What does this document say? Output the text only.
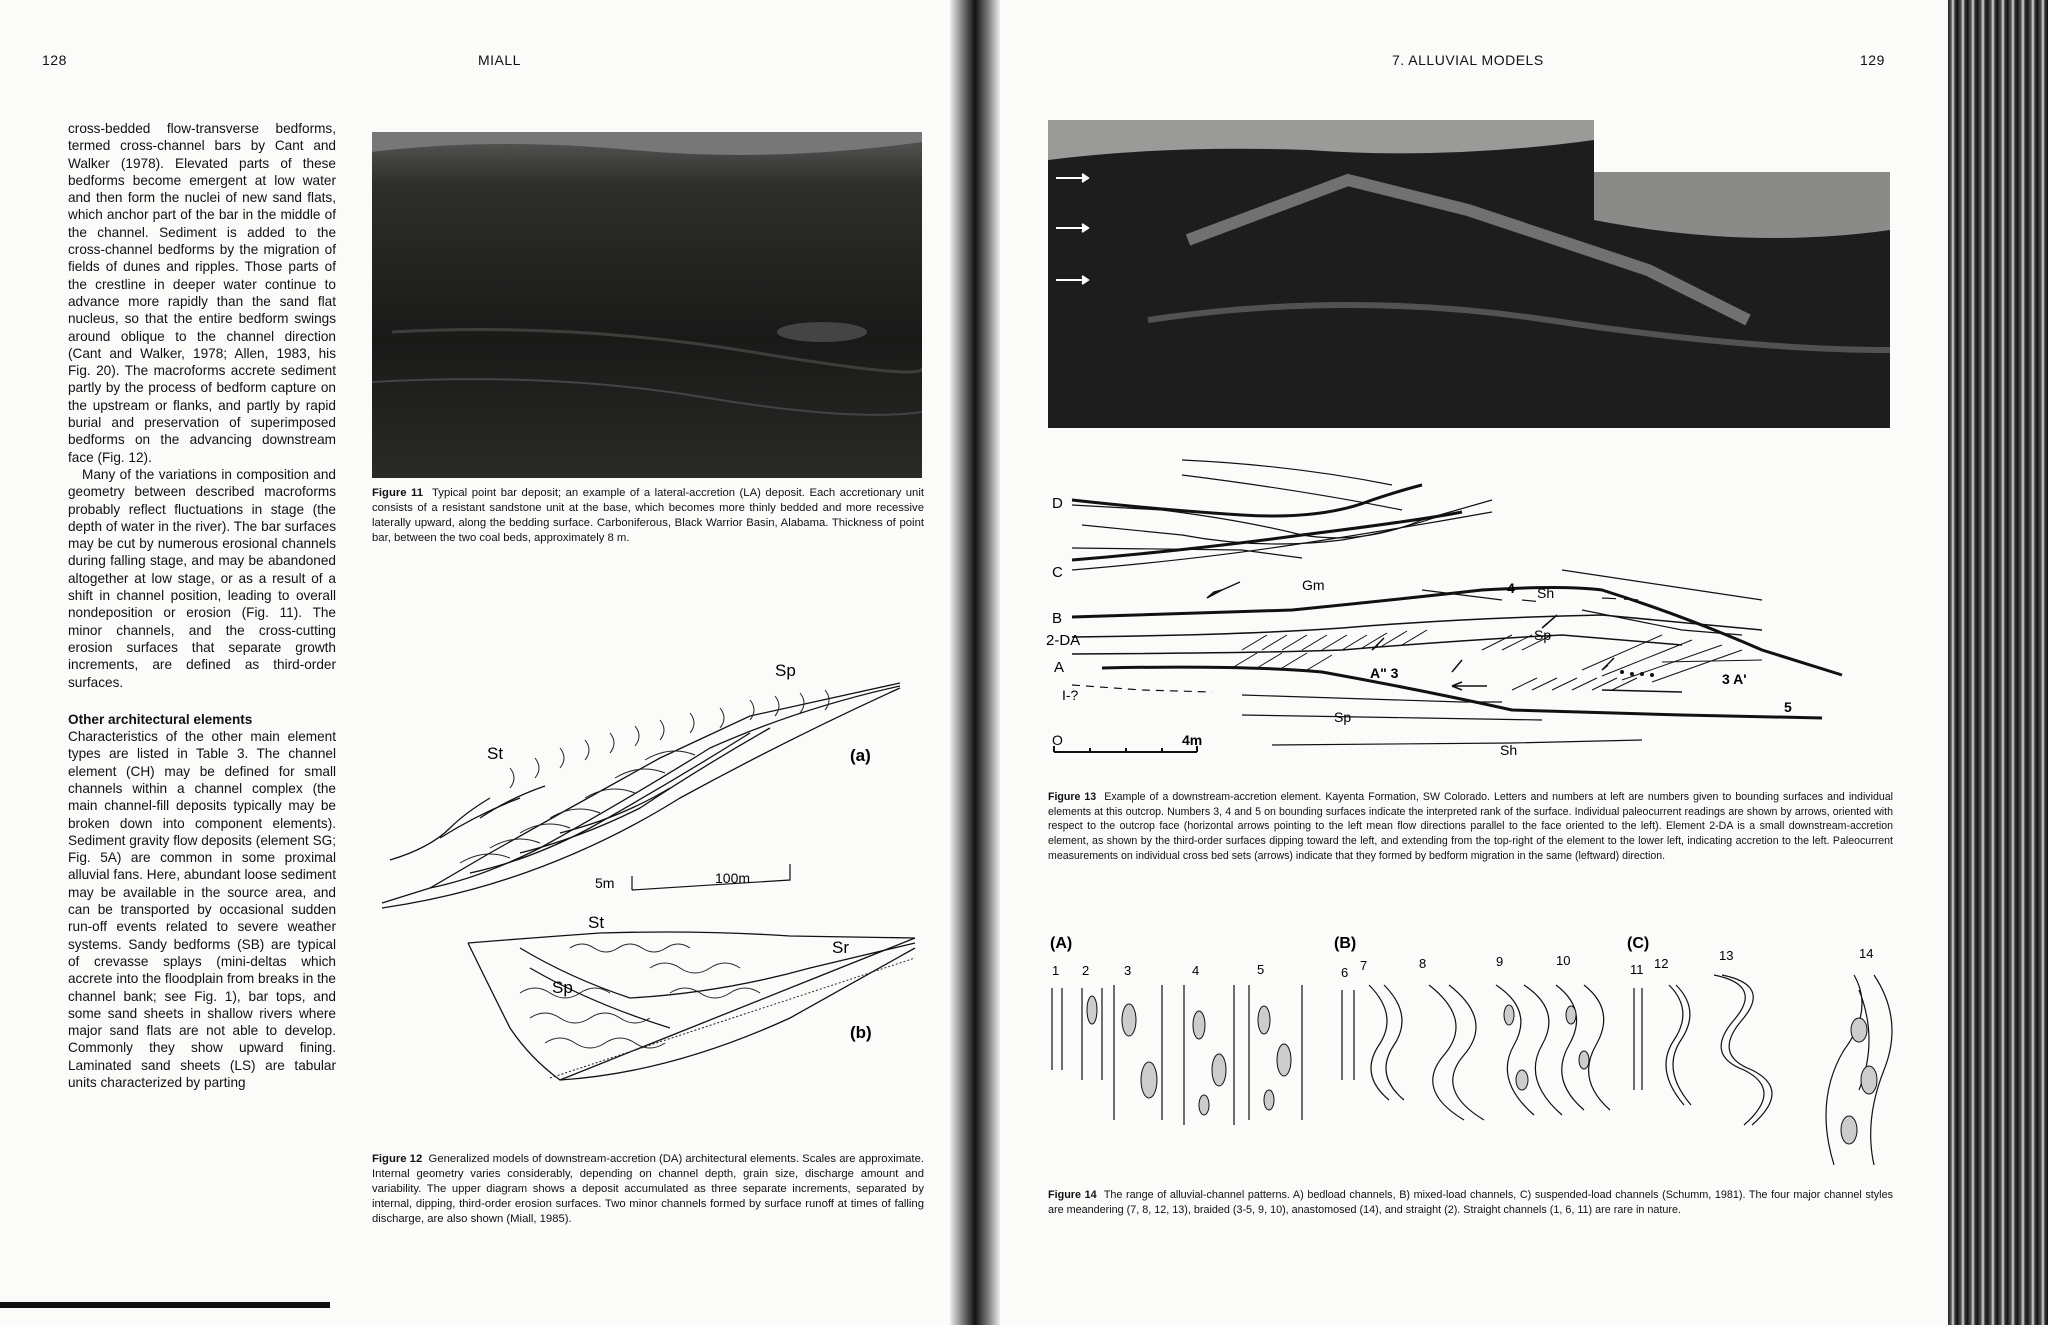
128	MIALL

cross-bedded flow-transverse bedforms, termed cross-channel bars by Cant and Walker (1978). Elevated parts of these bedforms become emergent at low water and then form the nuclei of new sand flats, which anchor part of the bar in the middle of the channel. Sediment is added to the cross-channel bedforms by the migration of fields of dunes and ripples. Those parts of the crestline in deeper water continue to advance more rapidly than the sand flat nucleus, so that the entire bedform swings around oblique to the channel direction (Cant and Walker, 1978; Allen, 1983, his Fig. 20). The macroforms accrete sediment partly by the process of bedform capture on the upstream or flanks, and partly by rapid burial and preservation of superimposed bedforms on the advancing downstream face (Fig. 12).

Many of the variations in composition and geometry between described macroforms probably reflect fluctuations in stage (the depth of water in the river). The bar surfaces may be cut by numerous erosional channels during falling stage, and may be abandoned altogether at low stage, or as a result of a shift in channel position, leading to overall nondeposition or erosion (Fig. 11). The minor channels, and the cross-cutting erosion surfaces that separate growth increments, are defined as third-order surfaces.

Other architectural elements

Characteristics of the other main element types are listed in Table 3. The channel element (CH) may be defined for small channels within a channel complex (the main channel-fill deposits typically may be broken down into component elements). Sediment gravity flow deposits (element SG; Fig. 5A) are common in some proximal alluvial fans. Here, abundant loose sediment may be available in the source area, and can be transported by occasional sudden run-off events related to severe weather systems. Sandy bedforms (SB) are typical of crevasse splays (mini-deltas which accrete into the floodplain from breaks in the channel bank; see Fig. 1), bar tops, and some sand sheets in shallow rivers where major sand flats are not able to develop. Commonly they show upward fining. Laminated sand sheets (LS) are tabular units characterized by parting

Figure 11 Typical point bar deposit; an example of a lateral-accretion (LA) deposit. Each accretionary unit consists of a resistant sandstone unit at the base, which becomes more thinly bedded and more recessive laterally upward, along the bedding surface. Carboniferous, Black Warrior Basin, Alabama. Thickness of point bar, between the two coal beds, approximately 8 m.
St
Sp
(a)
5m	100m
St
Sr
Sp
(b)
Figure 12 Generalized models of downstream-accretion (DA) architectural elements. Scales are approximate. Internal geometry varies considerably, depending on channel depth, grain size, discharge amount and variability. The upper diagram shows a deposit accumulated as three separate increments, separated by internal, dipping, third-order erosion surfaces. Two minor channels formed by surface runoff at times of falling discharge, are also shown (Miall, 1985).
7. ALLUVIAL MODELS	129
D
C
B
2-DA
A
I-?
Gm	4 Sh
Sp
A" 3	3 A'
5
Sp
Sh
O	4m
Figure 13 Example of a downstream-accretion element. Kayenta Formation, SW Colorado. Letters and numbers at left are numbers given to bounding surfaces and individual elements at this outcrop. Numbers 3, 4 and 5 on bounding surfaces indicate the interpreted rank of the surface. Individual paleocurrent readings are shown by arrows, oriented with respect to the outcrop face (horizontal arrows pointing to the left mean flow directions parallel to the face oriented to the left). Element 2-DA is a small downstream-accretion element, as shown by the third-order surfaces dipping toward the left, and extending from the top-right of the element to the lower left, indicating accretion to the left. Paleocurrent measurements on individual cross bed sets (arrows) indicate that they formed by bedform migration in the same (leftward) direction.
(A)	(B)	(C)
1 2	3	4	5	6 7	8	9	10
11 12
13	14
Figure 14 The range of alluvial-channel patterns. A) bedload channels, B) mixed-load channels, C) suspended-load channels (Schumm, 1981). The four major channel styles are meandering (7, 8, 12, 13), braided (3-5, 9, 10), anastomosed (14), and straight (2). Straight channels (1, 6, 11) are rare in nature.
